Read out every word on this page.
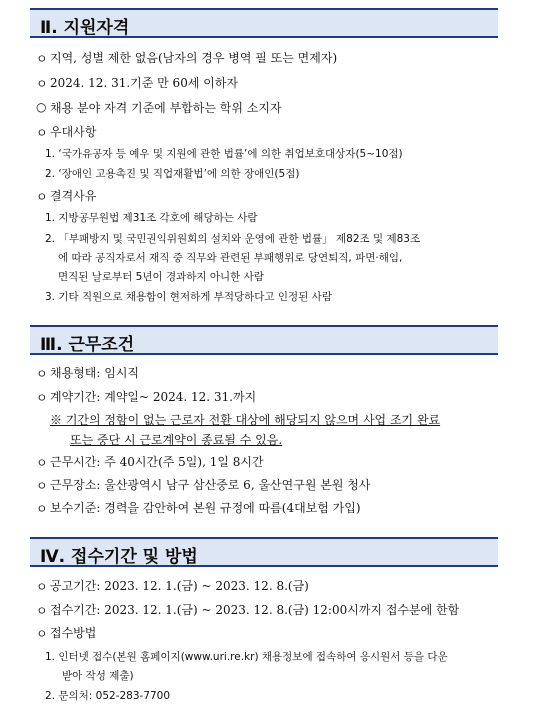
Ⅱ. 지원자격
ㅇ 지역, 성별 제한 없음(남자의 경우 병역 필 또는 면제자)
ㅇ 2024. 12. 31.기준 만 60세 이하자
○ 채용 분야 자격 기준에 부합하는 학위 소지자
ㅇ 우대사항
1. ‘국가유공자 등 예우 및 지원에 관한 법률’에 의한 취업보호대상자(5~10점)
2. ‘장애인 고용촉진 및 직업재활법’에 의한 장애인(5점)
ㅇ 결격사유
1. 지방공무원법 제31조 각호에 해당하는 사람
2. 「부패방지 및 국민권익위원회의 설치와 운영에 관한 법률」 제82조 및 제83조
에 따라 공직자로서 재직 중 직무와 관련된 부패행위로 당연퇴직, 파면·해임,
면직된 날로부터 5년이 경과하지 아니한 사람
3. 기타 직원으로 채용함이 현저하게 부적당하다고 인정된 사람
Ⅲ. 근무조건
ㅇ 채용형태: 임시직
ㅇ 계약기간: 계약일~ 2024. 12. 31.까지
※ 기간의 정함이 없는 근로자 전환 대상에 해당되지 않으며 사업 조기 완료
또는 중단 시 근로계약이 종료될 수 있음.
ㅇ 근무시간: 주 40시간(주 5일), 1일 8시간
ㅇ 근무장소: 울산광역시 남구 삼산중로 6, 울산연구원 본원 청사
ㅇ 보수기준: 경력을 감안하여 본원 규정에 따름(4대보험 가입)
Ⅳ. 접수기간 및 방법
ㅇ 공고기간: 2023. 12. 1.(금) ~ 2023. 12. 8.(금)
ㅇ 접수기간: 2023. 12. 1.(금) ~ 2023. 12. 8.(금) 12:00시까지 접수분에 한함
ㅇ 접수방법
1. 인터넷 접수(본원 홈페이지(www.uri.re.kr) 채용정보에 접속하여 응시원서 등을 다운
받아 작성 제출)
2. 문의처: 052-283-7700
